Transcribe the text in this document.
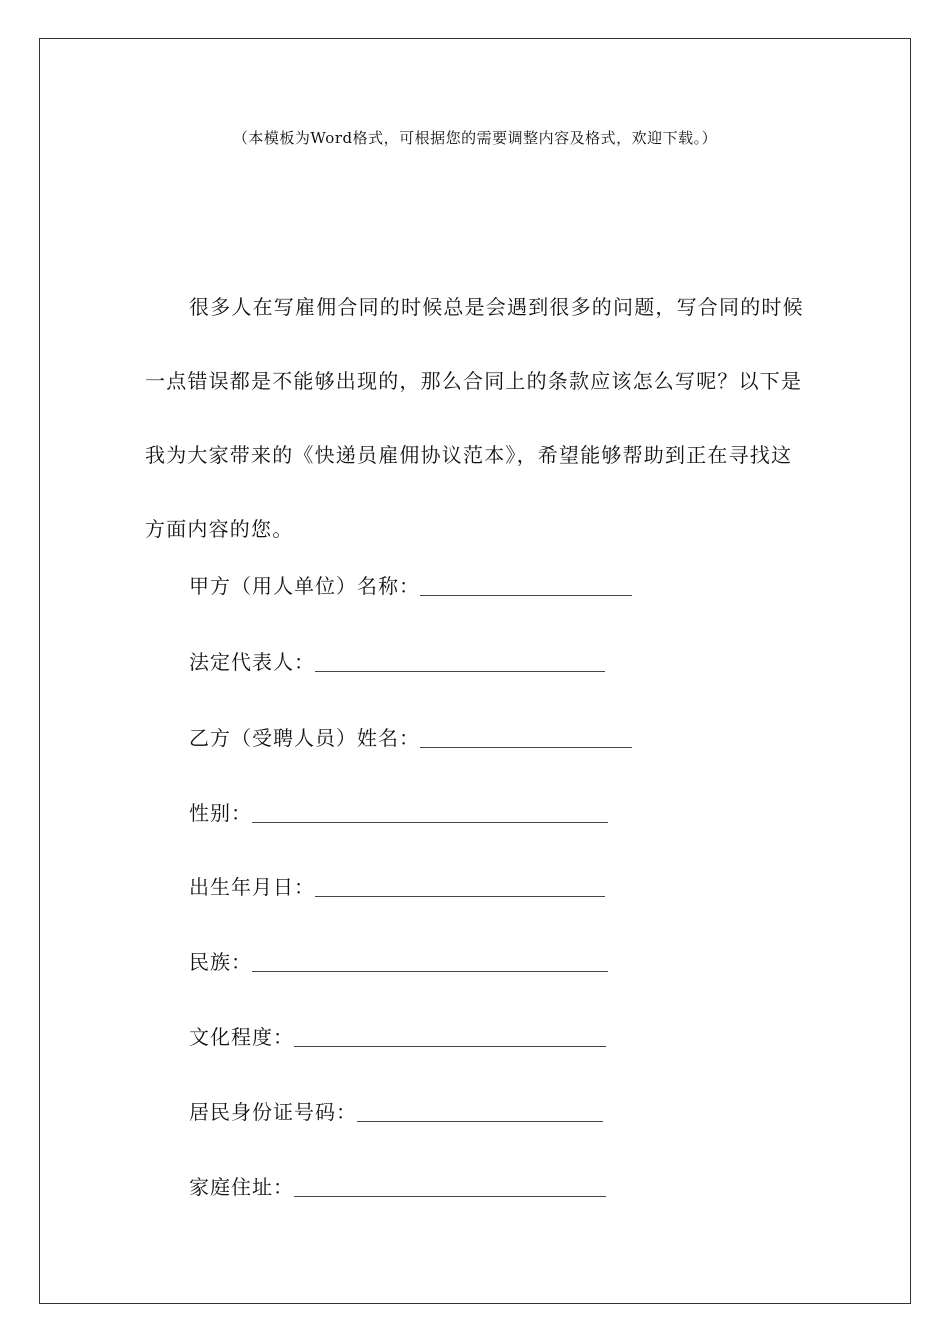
（本模板为Word格式，可根据您的需要调整内容及格式，欢迎下载。）

很多人在写雇佣合同的时候总是会遇到很多的问题，写合同的时候一点错误都是不能够出现的，那么合同上的条款应该怎么写呢？以下是我为大家带来的《快递员雇佣协议范本》，希望能够帮助到正在寻找这方面内容的您。

甲方（用人单位）名称：
法定代表人：
乙方（受聘人员）姓名：
性别：
出生年月日：
民族：
文化程度：
居民身份证号码：
家庭住址：
